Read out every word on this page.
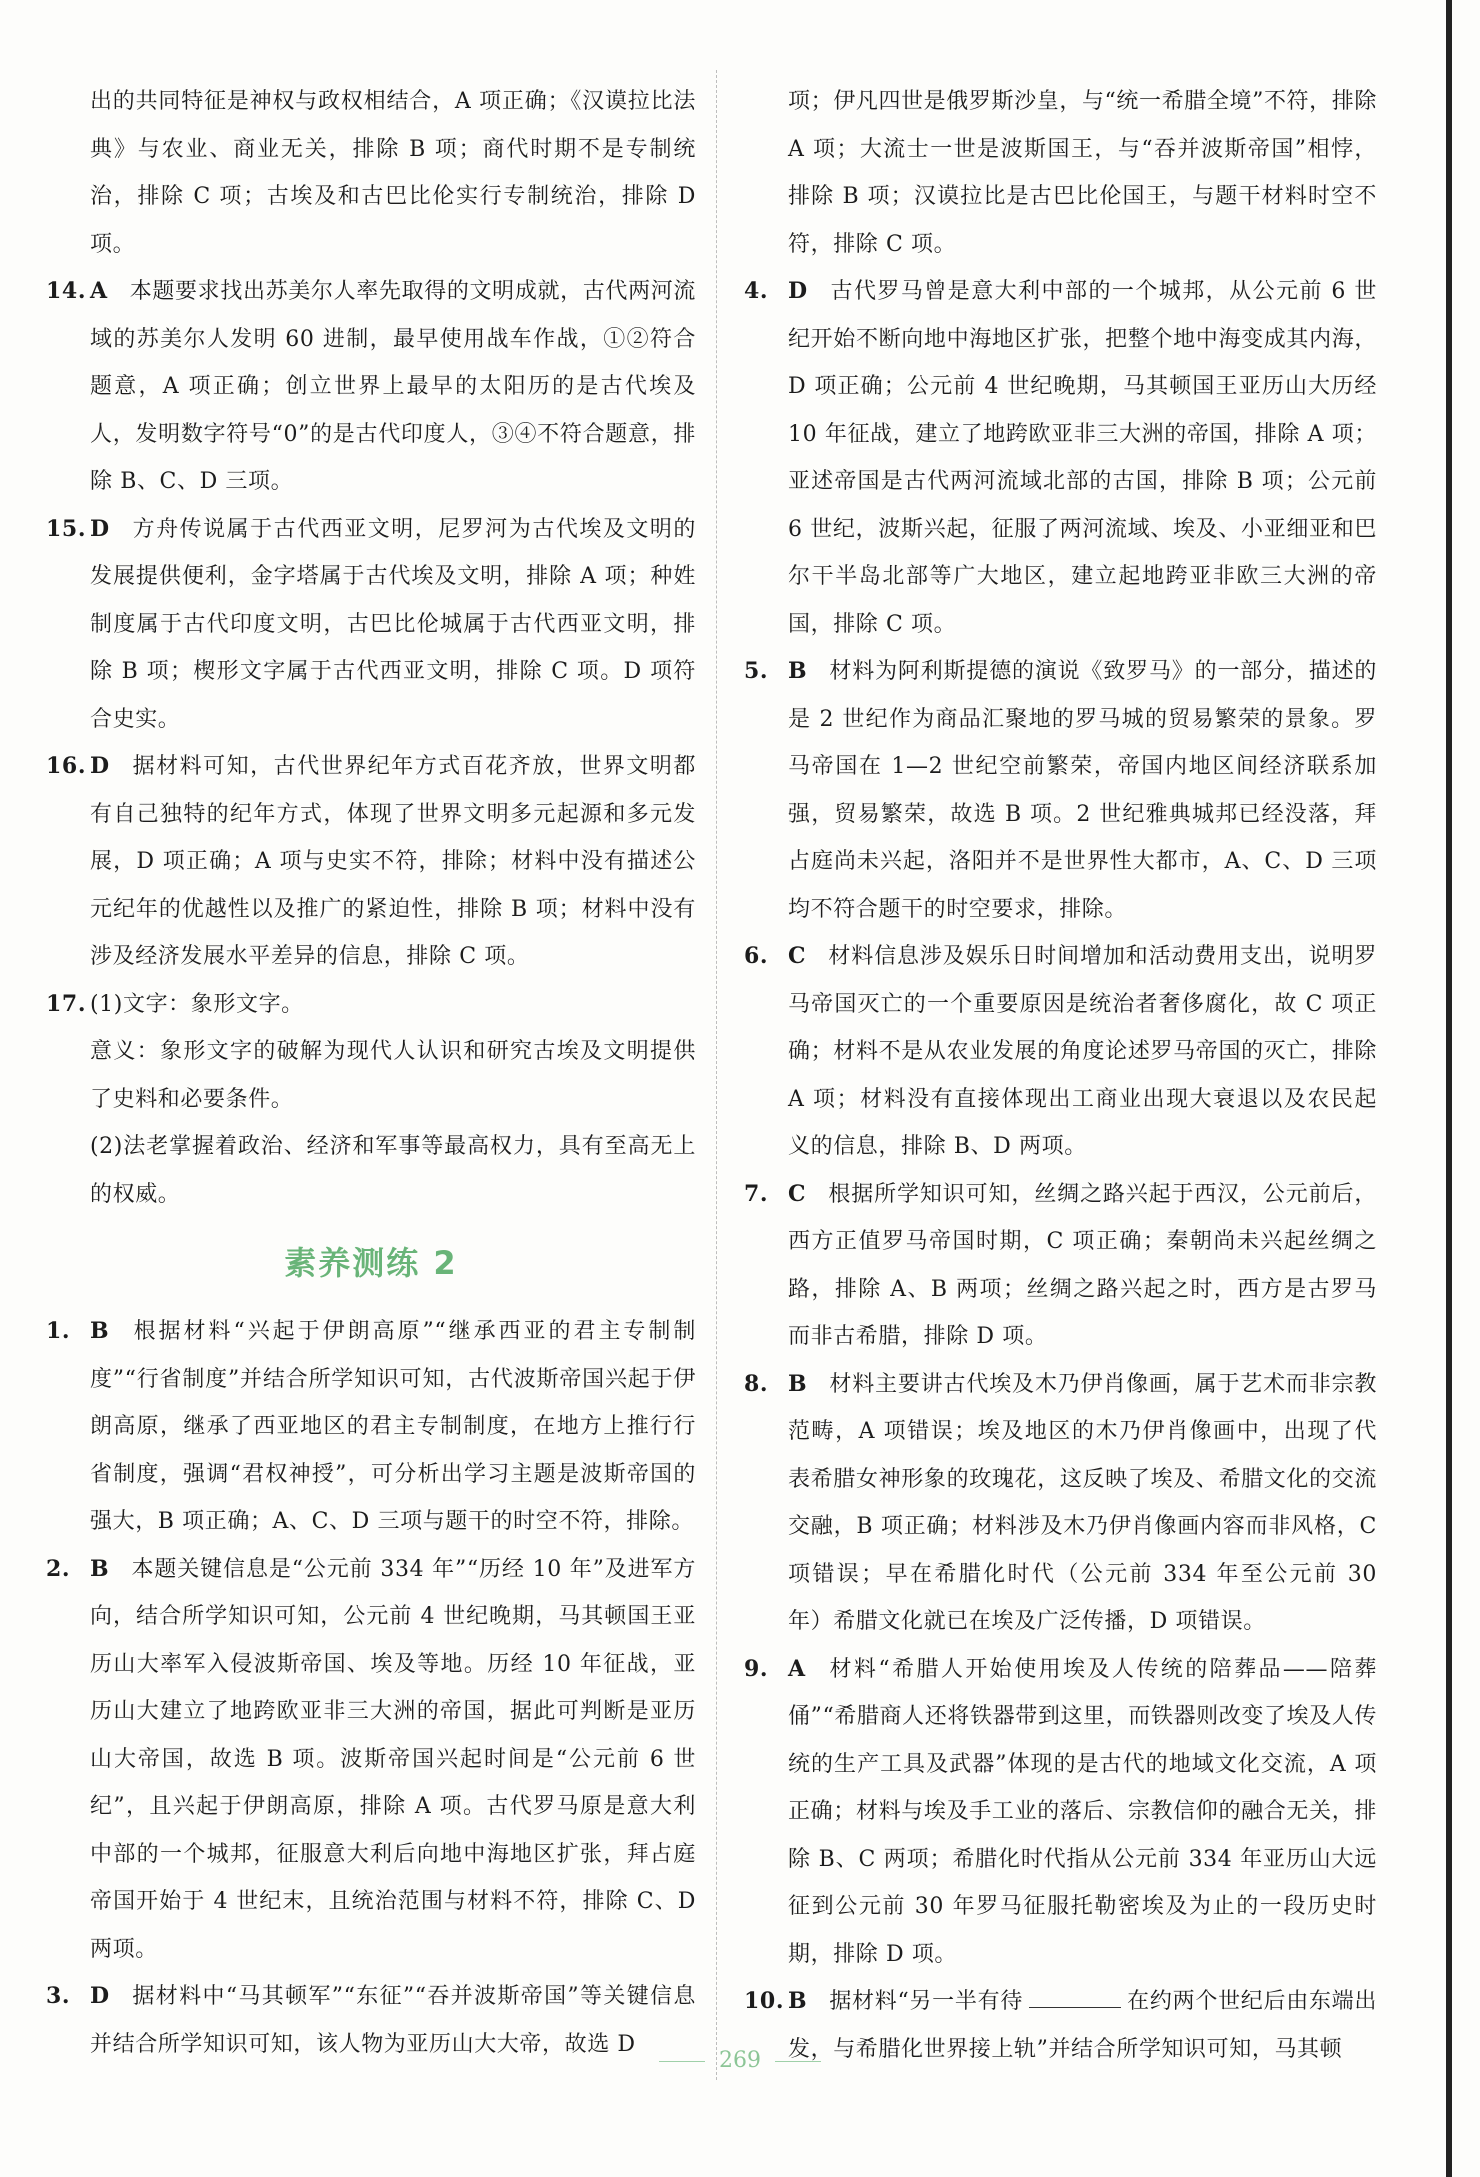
出的共同特征是神权与政权相结合，A 项正确；《汉谟拉比法典》与农业、商业无关，排除 B 项；商代时期不是专制统治，排除 C 项；古埃及和古巴比伦实行专制统治，排除 D 项。

14. A 本题要求找出苏美尔人率先取得的文明成就，古代两河流域的苏美尔人发明 60 进制，最早使用战车作战，①②符合题意，A 项正确；创立世界上最早的太阳历的是古代埃及人，发明数字符号“0”的是古代印度人，③④不符合题意，排除 B、C、D 三项。

15. D 方舟传说属于古代西亚文明，尼罗河为古代埃及文明的发展提供便利，金字塔属于古代埃及文明，排除 A 项；种姓制度属于古代印度文明，古巴比伦城属于古代西亚文明，排除 B 项；楔形文字属于古代西亚文明，排除 C 项。D 项符合史实。

16. D 据材料可知，古代世界纪年方式百花齐放，世界文明都有自己独特的纪年方式，体现了世界文明多元起源和多元发展，D 项正确；A 项与史实不符，排除；材料中没有描述公元纪年的优越性以及推广的紧迫性，排除 B 项；材料中没有涉及经济发展水平差异的信息，排除 C 项。

17. (1)文字：象形文字。

意义：象形文字的破解为现代人认识和研究古埃及文明提供了史料和必要条件。

(2)法老掌握着政治、经济和军事等最高权力，具有至高无上的权威。

素养测练 2

1. B 根据材料“兴起于伊朗高原”“继承西亚的君主专制制度”“行省制度”并结合所学知识可知，古代波斯帝国兴起于伊朗高原，继承了西亚地区的君主专制制度，在地方上推行行省制度，强调“君权神授”，可分析出学习主题是波斯帝国的强大，B 项正确；A、C、D 三项与题干的时空不符，排除。

2. B 本题关键信息是“公元前 334 年”“历经 10 年”及进军方向，结合所学知识可知，公元前 4 世纪晚期，马其顿国王亚历山大率军入侵波斯帝国、埃及等地。历经 10 年征战，亚历山大建立了地跨欧亚非三大洲的帝国，据此可判断是亚历山大帝国，故选 B 项。波斯帝国兴起时间是“公元前 6 世纪”，且兴起于伊朗高原，排除 A 项。古代罗马原是意大利中部的一个城邦，征服意大利后向地中海地区扩张，拜占庭帝国开始于 4 世纪末，且统治范围与材料不符，排除 C、D 两项。

3. D 据材料中“马其顿军”“东征”“吞并波斯帝国”等关键信息并结合所学知识可知，该人物为亚历山大大帝，故选 D

项；伊凡四世是俄罗斯沙皇，与“统一希腊全境”不符，排除 A 项；大流士一世是波斯国王，与“吞并波斯帝国”相悖，排除 B 项；汉谟拉比是古巴比伦国王，与题干材料时空不符，排除 C 项。

4. D 古代罗马曾是意大利中部的一个城邦，从公元前 6 世纪开始不断向地中海地区扩张，把整个地中海变成其内海，D 项正确；公元前 4 世纪晚期，马其顿国王亚历山大历经 10 年征战，建立了地跨欧亚非三大洲的帝国，排除 A 项；亚述帝国是古代两河流域北部的古国，排除 B 项；公元前 6 世纪，波斯兴起，征服了两河流域、埃及、小亚细亚和巴尔干半岛北部等广大地区，建立起地跨亚非欧三大洲的帝国，排除 C 项。

5. B 材料为阿利斯提德的演说《致罗马》的一部分，描述的是 2 世纪作为商品汇聚地的罗马城的贸易繁荣的景象。罗马帝国在 1—2 世纪空前繁荣，帝国内地区间经济联系加强，贸易繁荣，故选 B 项。2 世纪雅典城邦已经没落，拜占庭尚未兴起，洛阳并不是世界性大都市，A、C、D 三项均不符合题干的时空要求，排除。

6. C 材料信息涉及娱乐日时间增加和活动费用支出，说明罗马帝国灭亡的一个重要原因是统治者奢侈腐化，故 C 项正确；材料不是从农业发展的角度论述罗马帝国的灭亡，排除 A 项；材料没有直接体现出工商业出现大衰退以及农民起义的信息，排除 B、D 两项。

7. C 根据所学知识可知，丝绸之路兴起于西汉，公元前后，西方正值罗马帝国时期，C 项正确；秦朝尚未兴起丝绸之路，排除 A、B 两项；丝绸之路兴起之时，西方是古罗马而非古希腊，排除 D 项。

8. B 材料主要讲古代埃及木乃伊肖像画，属于艺术而非宗教范畴，A 项错误；埃及地区的木乃伊肖像画中，出现了代表希腊女神形象的玫瑰花，这反映了埃及、希腊文化的交流交融，B 项正确；材料涉及木乃伊肖像画内容而非风格，C 项错误；早在希腊化时代（公元前 334 年至公元前 30 年）希腊文化就已在埃及广泛传播，D 项错误。

9. A 材料“希腊人开始使用埃及人传统的陪葬品——陪葬俑”“希腊商人还将铁器带到这里，而铁器则改变了埃及人传统的生产工具及武器”体现的是古代的地域文化交流，A 项正确；材料与埃及手工业的落后、宗教信仰的融合无关，排除 B、C 两项；希腊化时代指从公元前 334 年亚历山大远征到公元前 30 年罗马征服托勒密埃及为止的一段历史时期，排除 D 项。

10. B 据材料“另一半有待	在约两个世纪后由东端出发，与希腊化世界接上轨”并结合所学知识可知，马其顿

269
